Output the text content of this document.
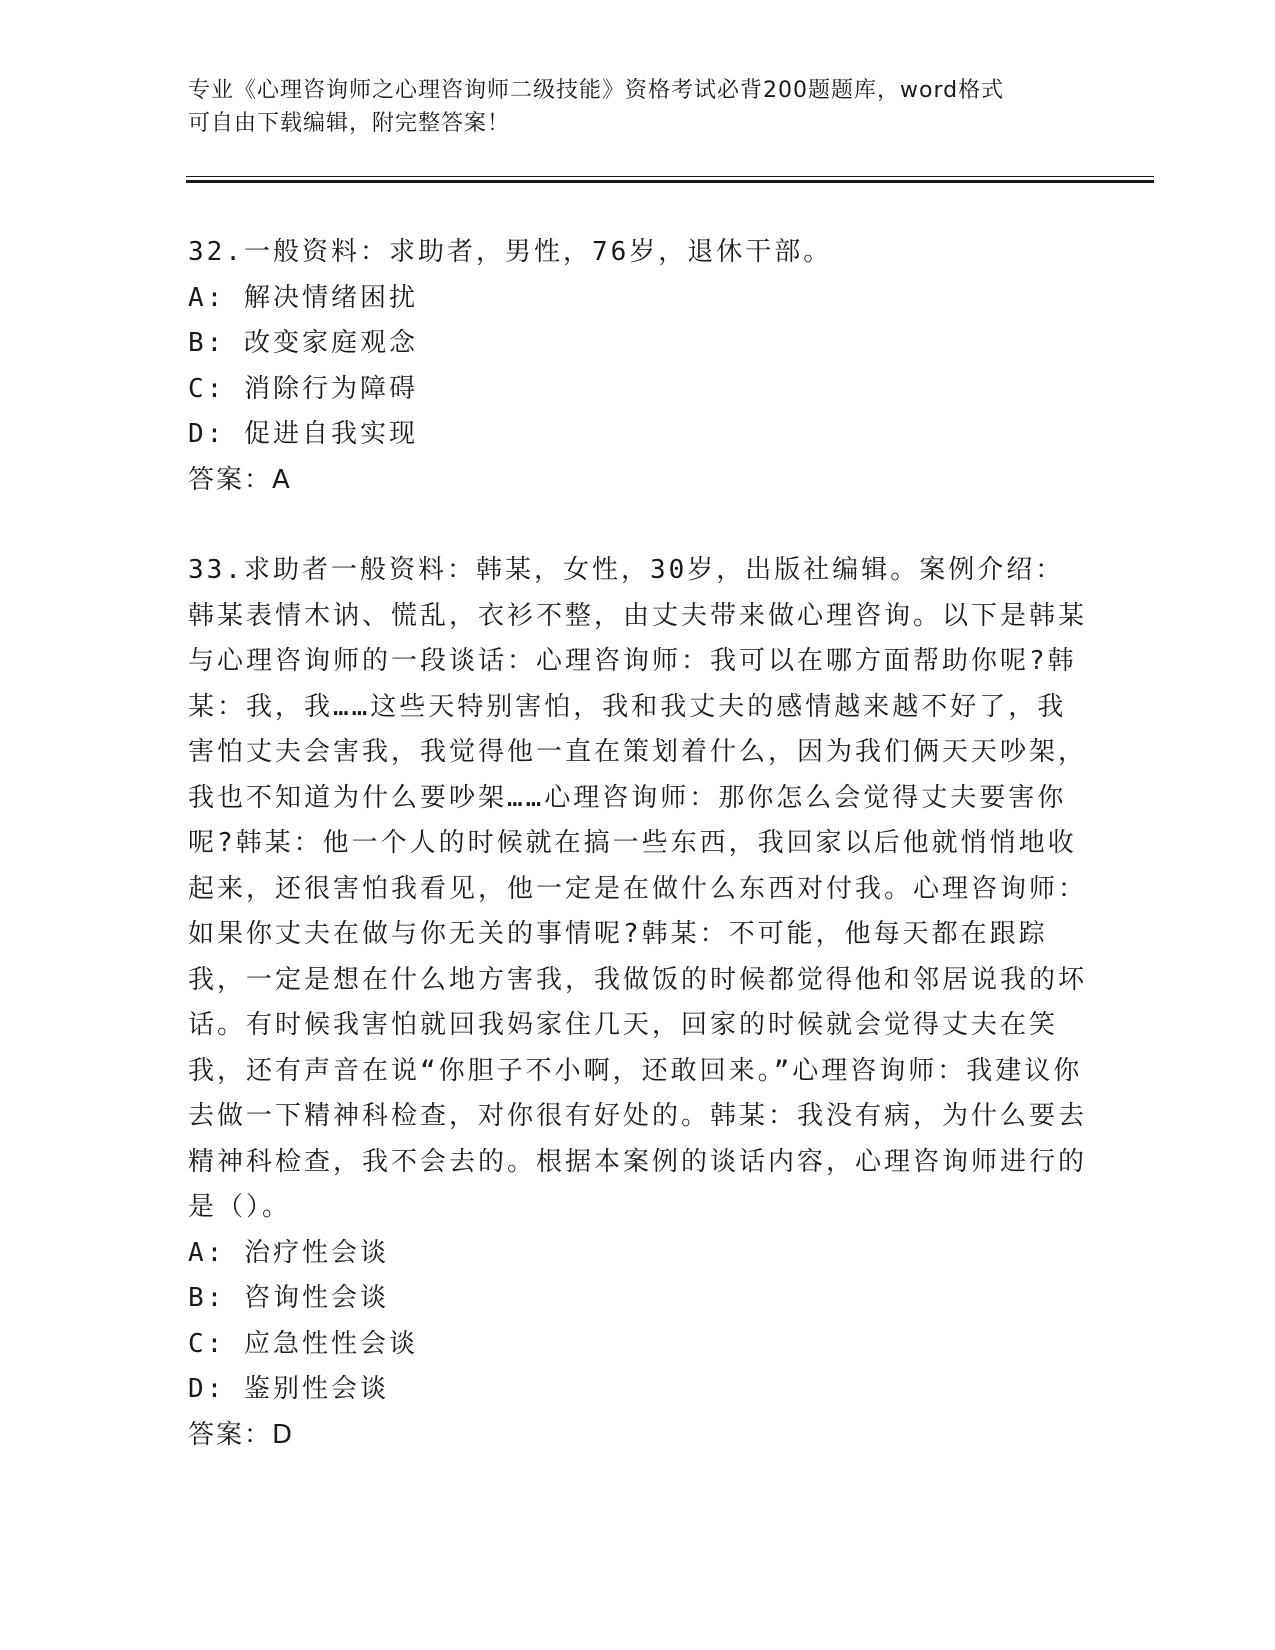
专业《心理咨询师之心理咨询师二级技能》资格考试必背200题题库，word格式
可自由下载编辑，附完整答案！
32.一般资料：求助者，男性，76岁，退休干部。
A: 解决情绪困扰
B: 改变家庭观念
C: 消除行为障碍
D: 促进自我实现
答案：A
33.求助者一般资料：韩某，女性，30岁，出版社编辑。案例介绍：韩某表情木讷、慌乱，衣衫不整，由丈夫带来做心理咨询。以下是韩某与心理咨询师的一段谈话：心理咨询师：我可以在哪方面帮助你呢?韩某：我，我……这些天特别害怕，我和我丈夫的感情越来越不好了，我害怕丈夫会害我，我觉得他一直在策划着什么，因为我们俩天天吵架，我也不知道为什么要吵架……心理咨询师：那你怎么会觉得丈夫要害你呢?韩某：他一个人的时候就在搞一些东西，我回家以后他就悄悄地收起来，还很害怕我看见，他一定是在做什么东西对付我。心理咨询师：如果你丈夫在做与你无关的事情呢?韩某：不可能，他每天都在跟踪我，一定是想在什么地方害我，我做饭的时候都觉得他和邻居说我的坏话。有时候我害怕就回我妈家住几天，回家的时候就会觉得丈夫在笑我，还有声音在说“你胆子不小啊，还敢回来。”心理咨询师：我建议你去做一下精神科检查，对你很有好处的。韩某：我没有病，为什么要去精神科检查，我不会去的。根据本案例的谈话内容，心理咨询师进行的是（）。
A: 治疗性会谈
B: 咨询性会谈
C: 应急性性会谈
D: 鉴别性会谈
答案：D
